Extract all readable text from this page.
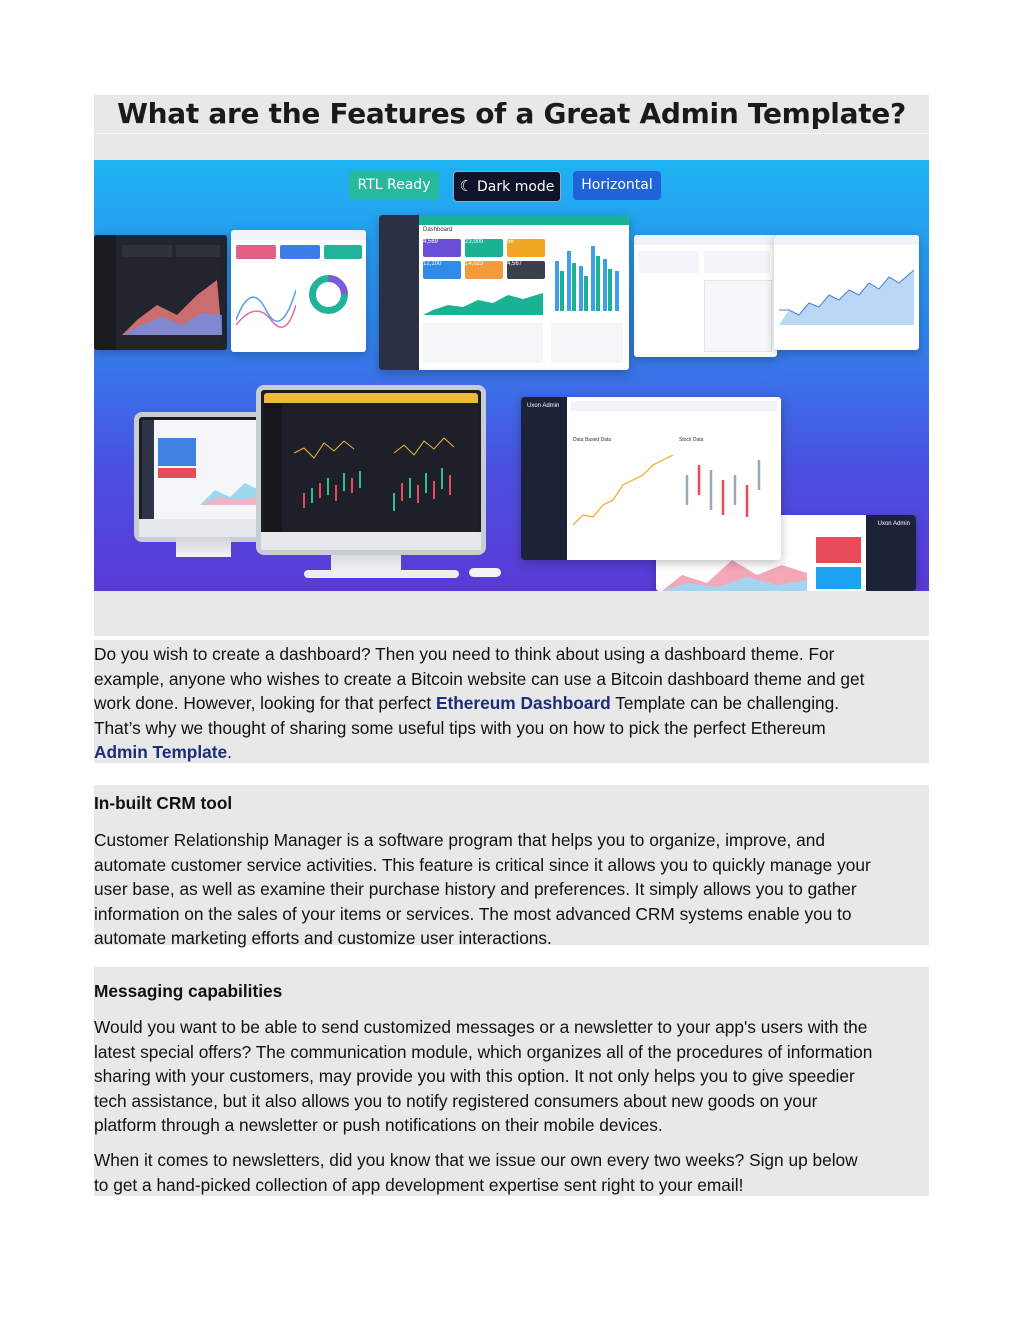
What are the Features of a Great Admin Template?
RTL Ready	☾ Dark mode	Horizontal
Dashboard
4,569	23,009	56
12,100	14,023	4,567
Uxon Admin
Data Based Data	Stock Data
Uxon Admin

Do you wish to create a dashboard? Then you need to think about using a dashboard theme. For
example, anyone who wishes to create a Bitcoin website can use a Bitcoin dashboard theme and get
work done. However, looking for that perfect Ethereum Dashboard Template can be challenging.
That’s why we thought of sharing some useful tips with you on how to pick the perfect Ethereum
Admin Template.

In-built CRM tool

Customer Relationship Manager is a software program that helps you to organize, improve, and
automate customer service activities. This feature is critical since it allows you to quickly manage your
user base, as well as examine their purchase history and preferences. It simply allows you to gather
information on the sales of your items or services. The most advanced CRM systems enable you to
automate marketing efforts and customize user interactions.

Messaging capabilities

Would you want to be able to send customized messages or a newsletter to your app's users with the
latest special offers? The communication module, which organizes all of the procedures of information
sharing with your customers, may provide you with this option. It not only helps you to give speedier
tech assistance, but it also allows you to notify registered consumers about new goods on your
platform through a newsletter or push notifications on their mobile devices.

When it comes to newsletters, did you know that we issue our own every two weeks? Sign up below
to get a hand-picked collection of app development expertise sent right to your email!
